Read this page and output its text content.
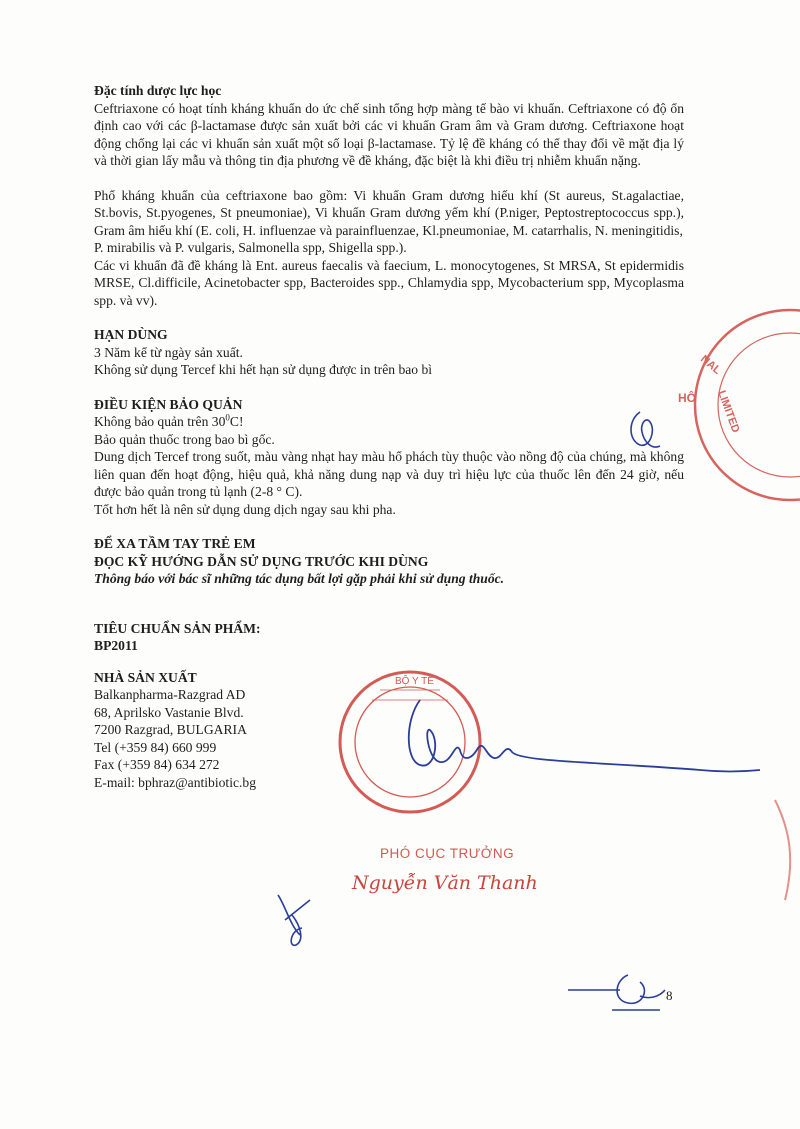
Đặc tính dược lực học

Ceftriaxone có hoạt tính kháng khuẩn do ức chế sinh tổng hợp màng tế bào vi khuẩn. Ceftriaxone có độ ổn định cao với các β-lactamase được sản xuất bởi các vi khuẩn Gram âm và Gram dương. Ceftriaxone hoạt động chống lại các vi khuẩn sản xuất một số loại β-lactamase. Tỷ lệ đề kháng có thể thay đổi về mặt địa lý và thời gian lấy mẫu và thông tin địa phương về đề kháng, đặc biệt là khi điều trị nhiễm khuẩn nặng.

Phổ kháng khuẩn của ceftriaxone bao gồm: Vi khuẩn Gram dương hiếu khí (St aureus, St.agalactiae, St.bovis, St.pyogenes, St pneumoniae), Vi khuẩn Gram dương yếm khí (P.niger, Peptostreptococcus spp.), Gram âm hiếu khí (E. coli, H. influenzae và parainfluenzae, Kl.pneumoniae, M. catarrhalis, N. meningitidis,

P. mirabilis và P. vulgaris, Salmonella spp, Shigella spp.).

Các vi khuẩn đã đề kháng là Ent. aureus faecalis và faecium, L. monocytogenes, St MRSA, St epidermidis MRSE, Cl.difficile, Acinetobacter spp, Bacteroides spp., Chlamydia spp, Mycobacterium spp, Mycoplasma spp. và vv).

HẠN DÙNG

3 Năm kể từ ngày sản xuất.

Không sử dụng Tercef khi hết hạn sử dụng được in trên bao bì

ĐIỀU KIỆN BẢO QUẢN

Không bảo quản trên $30^0C$!

Bảo quản thuốc trong bao bì gốc.

Dung dịch Tercef trong suốt, màu vàng nhạt hay màu hổ phách tùy thuộc vào nồng độ của chúng, mà không liên quan đến hoạt động, hiệu quả, khả năng dung nạp và duy trì hiệu lực của thuốc lên đến 24 giờ, nếu được bảo quản trong tủ lạnh (2-8 ° C).

Tốt hơn hết là nên sử dụng dung dịch ngay sau khi pha.

ĐỂ XA TẦM TAY TRẺ EM

ĐỌC KỸ HƯỚNG DẪN SỬ DỤNG TRƯỚC KHI DÙNG

Thông báo với bác sĩ những tác dụng bất lợi gặp phải khi sử dụng thuốc.

TIÊU CHUẨN SẢN PHẨM:

BP2011

NHÀ SẢN XUẤT

Balkanpharma-Razgrad AD

68, Aprilsko Vastanie Blvd.

7200 Razgrad, BULGARIA

Tel (+359 84) 660 999

Fax (+359 84) 634 272

E-mail: bphraz@antibiotic.bg

HÔ LIMITED
NAL
BỘ Y TẾ
PHÓ CỤC TRƯỞNG
Nguyễn Văn Thanh
8
